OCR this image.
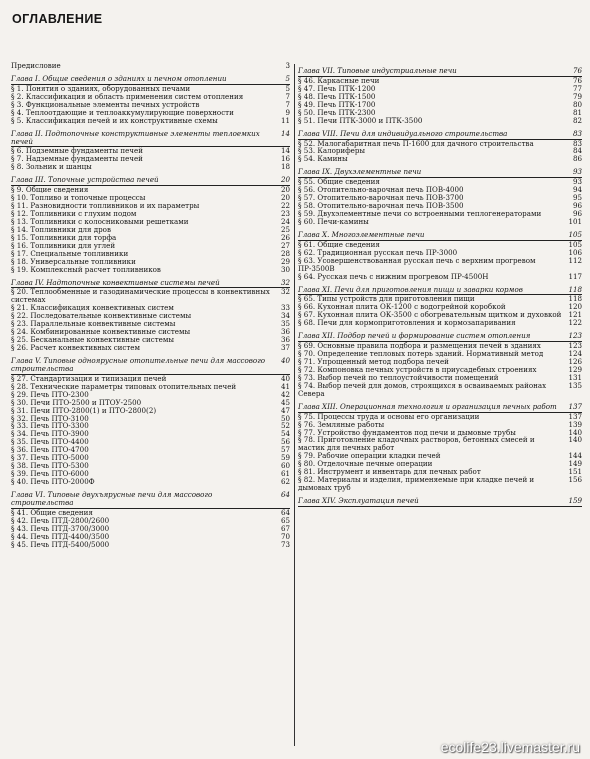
ОГЛАВЛЕНИЕ
Предисловие	3
Глава I. Общие сведения о зданиях и печном отоплении	5
§ 1. Понятия о зданиях, оборудованных печами	5
§ 2. Классификация и область применения систем отопления	7
§ 3. Функциональные элементы печных устройств	7
§ 4. Теплоотдающие и теплоаккумулирующие поверхности	9
§ 5. Классификация печей и их конструктивные схемы	11
Глава II. Подтопочные конструктивные элементы теплоемких печей
14
§ 6. Подземные фундаменты печей	14
§ 7. Надземные фундаменты печей	16
§ 8. Зольник и шанцы	18
Глава III. Топочные устройства печей	20
§ 9. Общие сведения	20
§ 10. Топливо и топочные процессы	20
§ 11. Разновидности топливников и их параметры	22
§ 12. Топливники с глухим подом	23
§ 13. Топливники с колосниковыми решетками	24
§ 14. Топливники для дров	25
§ 15. Топливники для торфа	26
§ 16. Топливники для углей	27
§ 17. Специальные топливники	28
§ 18. Универсальные топливники	29
§ 19. Комплексный расчет топливников	30
Глава IV. Надтопочные конвективные системы печей	32
§ 20. Теплообменные и газодинамические процессы в конвективных системах
32
§ 21. Классификация конвективных систем	33
§ 22. Последовательные конвективные системы	34
§ 23. Параллельные конвективные системы	35
§ 24. Комбинированные конвективные системы	36
§ 25. Бесканальные конвективные системы	36
§ 26. Расчет конвективных систем	37
Глава V. Типовые одноярусные отопительные печи для массового строительства
40
§ 27. Стандартизация и типизация печей	40
§ 28. Технические параметры типовых отопительных печей	41
§ 29. Печь ПТО-2300	42
§ 30. Печи ПТО-2500 и ПТОУ-2500	45
§ 31. Печи ПТО-2800(1) и ПТО-2800(2)	47
§ 32. Печь ПТО-3100	50
§ 33. Печь ПТО-3300	52
§ 34. Печь ПТО-3900	54
§ 35. Печь ПТО-4400	56
§ 36. Печь ПТО-4700	57
§ 37. Печь ПТО-5000	59
§ 38. Печь ПТО-5300	60
§ 39. Печь ПТО-6000	61
§ 40. Печь ПТО-2000Ф	62
Глава VI. Типовые двухъярусные печи для массового строительства
64
§ 41. Общие сведения	64
§ 42. Печь ПТД-2800/2600	65
§ 43. Печь ПТД-3700/3000	67
§ 44. Печь ПТД-4400/3500	70
§ 45. Печь ПТД-5400/5000	73
Глава VII. Типовые индустриальные печи	76
§ 46. Каркасные печи	76
§ 47. Печь ПТК-1200	77
§ 48. Печь ПТК-1500	79
§ 49. Печь ПТК-1700	80
§ 50. Печь ПТК-2300	81
§ 51. Печи ПТК-3000 и ПТК-3500	82
Глава VIII. Печи для индивидуального строительства	83
§ 52. Малогабаритная печь П-1600 для дачного строительства	83
§ 53. Калориферы	84
§ 54. Камины	86
Глава IX. Двухэлементные печи	93
§ 55. Общие сведения	93
§ 56. Отопительно-варочная печь ПОВ-4000	94
§ 57. Отопительно-варочная печь ПОВ-3700	95
§ 58. Отопительно-варочная печь ПОВ-3500	96
§ 59. Двухэлементные печи со встроенными теплогенераторами	96
§ 60. Печи-камины	101
Глава X. Многоэлементные печи	105
§ 61. Общие сведения	105
§ 62. Традиционная русская печь ПР-3000	106
§ 63. Усовершенствованная русская печь с верхним прогревом ПР-3500В
112
§ 64. Русская печь с нижним прогревом ПР-4500Н	117
Глава XI. Печи для приготовления пищи и заварки кормов	118
§ 65. Типы устройств для приготовления пищи	118
§ 66. Кухонная плита ОК-1200 с водогрейной коробкой	120
§ 67. Кухонная плита ОК-3500 с обогревательным щитком и духовкой 121
§ 68. Печи для кормоприготовления и кормозапаривания	122
Глава XII. Подбор печей и формирование систем отопления	123
§ 69. Основные правила подбора и размещения печей в зданиях	123
§ 70. Определение тепловых потерь зданий. Нормативный метод	124
§ 71. Упрощенный метод подбора печей	126
§ 72. Компоновка печных устройств в приусадебных строениях	129
§ 73. Выбор печей по теплоустойчивости помещений	131
§ 74. Выбор печей для домов, строящихся в осваиваемых районах Севера
135
Глава XIII. Операционная технология и организация печных работ	137
§ 75. Процессы труда и основы его организации	137
§ 76. Земляные работы	139
§ 77. Устройство фундаментов под печи и дымовые трубы	140
§ 78. Приготовление кладочных растворов, бетонных смесей и мастик для печных работ
140
§ 79. Рабочие операции кладки печей	144
§ 80. Отделочные печные операции	149
§ 81. Инструмент и инвентарь для печных работ	151
§ 82. Материалы и изделия, применяемые при кладке печей и дымовых труб
156
Глава XIV. Эксплуатация печей	159
ecolife23.livemaster.ru
